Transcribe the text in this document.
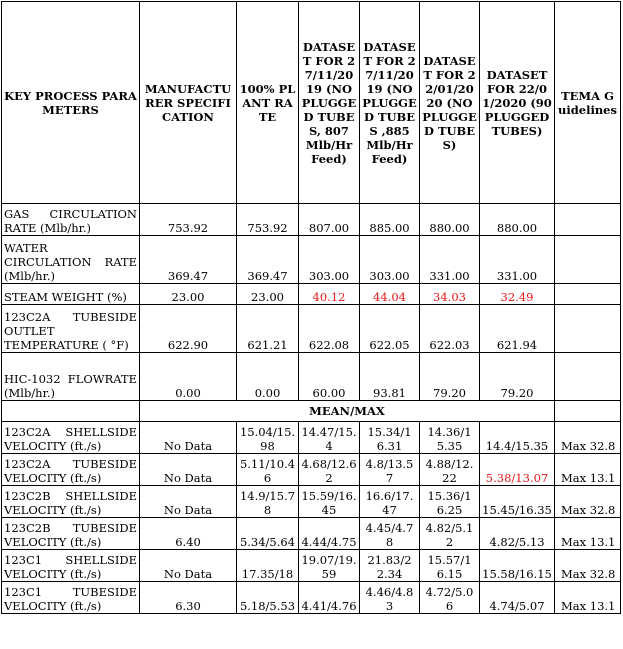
KEY PROCESS PARAMETERS	MANUFACTURER SPECIFICATION	100% PLANT RATE	DATASET FOR 27/11/2019 (NO PLUGGED TUBES, 807 Mlb/Hr Feed)	DATASET FOR 27/11/2019 (NO PLUGGED TUBES ,885 Mlb/Hr Feed)	DATASET FOR 22/01/2020 (NO PLUGGED TUBES)	DATASET FOR 22/01/2020 (90 PLUGGED TUBES)	TEMA Guidelines
GAS CIRCULATION RATE (Mlb/hr.)	753.92	753.92	807.00	885.00	880.00	880.00	
WATER CIRCULATION RATE (Mlb/hr.)	369.47	369.47	303.00	303.00	331.00	331.00	
STEAM WEIGHT (%)	23.00	23.00	40.12	44.04	34.03	32.49	
123C2A TUBESIDE OUTLET TEMPERATURE ( °F)	622.90	621.21	622.08	622.05	622.03	621.94	
HIC-1032 FLOWRATE (Mlb/hr.)	0.00	0.00	60.00	93.81	79.20	79.20	
	MEAN/MAX						
123C2A SHELLSIDE VELOCITY (ft./s)	No Data	15.04/15.98	14.47/15.4	15.34/16.31	14.36/15.35	14.4/15.35	Max 32.8
123C2A TUBESIDE VELOCITY (ft./s)	No Data	5.11/10.46	4.68/12.62	4.8/13.57	4.88/12.22	5.38/13.07	Max 13.1
123C2B SHELLSIDE VELOCITY (ft./s)	No Data	14.9/15.78	15.59/16.45	16.6/17.47	15.36/16.25	15.45/16.35	Max 32.8
123C2B TUBESIDE VELOCITY (ft./s)	6.40	5.34/5.64	4.44/4.75	4.45/4.78	4.82/5.12	4.82/5.13	Max 13.1
123C1 SHELLSIDE VELOCITY (ft./s)	No Data	17.35/18	19.07/19.59	21.83/22.34	15.57/16.15	15.58/16.15	Max 32.8
123C1 TUBESIDE VELOCITY (ft./s)	6.30	5.18/5.53	4.41/4.76	4.46/4.83	4.72/5.06	4.74/5.07	Max 13.1
